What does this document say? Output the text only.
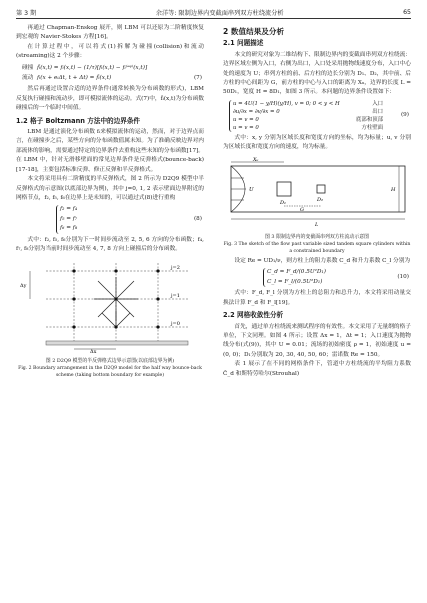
第 3 期	余洋等: 限制边界内变截面串列双方柱绕流分析	65

再通过 Chapman-Enskog 展开，则 LBM 可以还原为二阶精度恢复到宏观的 Navier-Stokes 方程[16]。

在计算过程中，可以将式(1)拆解为碰撞(collision)和流动(streaming)这 2 个步骤：

碰撞 f̃ᵢ(x,t) = fᵢ(x,t) − (1/τ)[fᵢ(x,t) − fᵢ⁽ᵉᵠ⁾(x,t)]
流动 fᵢ(x + eᵢΔt, t + Δt) = f̃ᵢ(x,t)	(7)

然后再通过设置合适的边界条件(通常转换为分布函数的形式)，LBM 反复执行碰撞和流动步，即可模拟流体的运动。式(7)中，f̃ᵢ(x,t)为分布函数碰撞后的一个临时中间值。

1.2 格子 Boltzmann 方法中的边界条件

LBM 是通过演化分布函数 fᵢ来模拟流体的运动，然而，对于边界点而言，在碰撞步之后，某些方向的分布函数值属未知。为了准确反映边界对内部流体的影响，需要通过特定的边界条件去重构这些未知的分布函数[17]。在 LBM 中，针对无滑移壁面的常见边界条件是反弹格式(bounce-back)[17-18]，主要包括标准反弹、修正反弹和半反弹格式。

本文将采用具有二阶精度的半反弹格式，图 2 所示为 D2Q9 模型中半反弹格式的示意图(以底部边界为例)，其中 j=0, 1, 2 表示壁面边界附近的网格节点，f₂, f₅, f₆在边界上是未知的，可以通过式(8)进行重构

f₂ = f₄
f₅ = f₇
f₆ = f₈
(8)

式中：f₂, f₅, f₆分别为下一时间步流动至 2, 5, 6 方向的分布函数；f₄, f₇, f₈分别为当前时间步流动至 4, 7, 8 方向上碰撞后的分布函数。

Δy
Δx
j=2
j=1
j=0
图 2 D2Q9 模型的半反弹格式边界示意图(以底部边界为例)
Fig. 2 Boundary arrangement in the D2Q9 model for the half way bounce-back scheme (taking bottom boundary for example)
2 数值结果及分析
2.1 问题描述

本文的研究对象为二维结构下、限制边界内的变截面串列双方柱绕流：边界区域左侧为入口，右侧为出口，入口处采用抛物线速度分布，入口中心处的速度为 U；串列方柱的前、后方柱的边长分别为 D₁、D₂，其中前、后方柱的中心间距为 G，前方柱的中心与入口的距离为 Xᵤ，边界的长度 L = 50D₁，宽度 H = 8D₁，如图 3 所示。本问题的边界条件设置如下：

u = 4U(1 − y/H)(y/H), v = 0; 0 < y < H	入口
∂u/∂x = ∂v/∂x = 0	出口
u = v = 0	底部和顶部
u = v = 0	方柱壁面
(9)

式中：x, y 分别为区域长度和宽度方向的坐标，均为标量；u, v 分别为区域长度和宽度方向的速度，均为标量。

U
D₁	D₂
Xᵤ
G
L
H
图 3 限制边界内的变截面串列双方柱流动示意图
Fig. 3 The sketch of the flow past variable sized tandem square cylinders within a constrained boundary

设定 Re = UD₁/ν，则方柱上的阻力系数 C_d 和升力系数 C_l 分别为

C_d = F_d/(0.5U²D₁)
C_l = F_l/(0.5U²D₁)
(10)

式中：F_d, F_l 分别为方柱上的总阻力和总升力，本文将采用动量交换法计算 F_d 和 F_l[19]。

2.2 网格收敛性分析

首先，通过单方柱绕流来测试程序的有效性。本文采用了无量纲的格子单位，下文同理。如图 4 所示；设置 Δx = 1，Δt = 1；入口速度为抛物线分布(式(9))，其中 U = 0.01；流场的初始密度 ρ = 1，初始速度 u = (0, 0)；D₁分别取为 20, 30, 40, 50, 60；雷诺数 Re = 150。

表 1 展示了在不同的网格条件下，管道中方柱绕流的平均阻力系数 C̄_d 和斯特劳哈尔(Strouhal)
